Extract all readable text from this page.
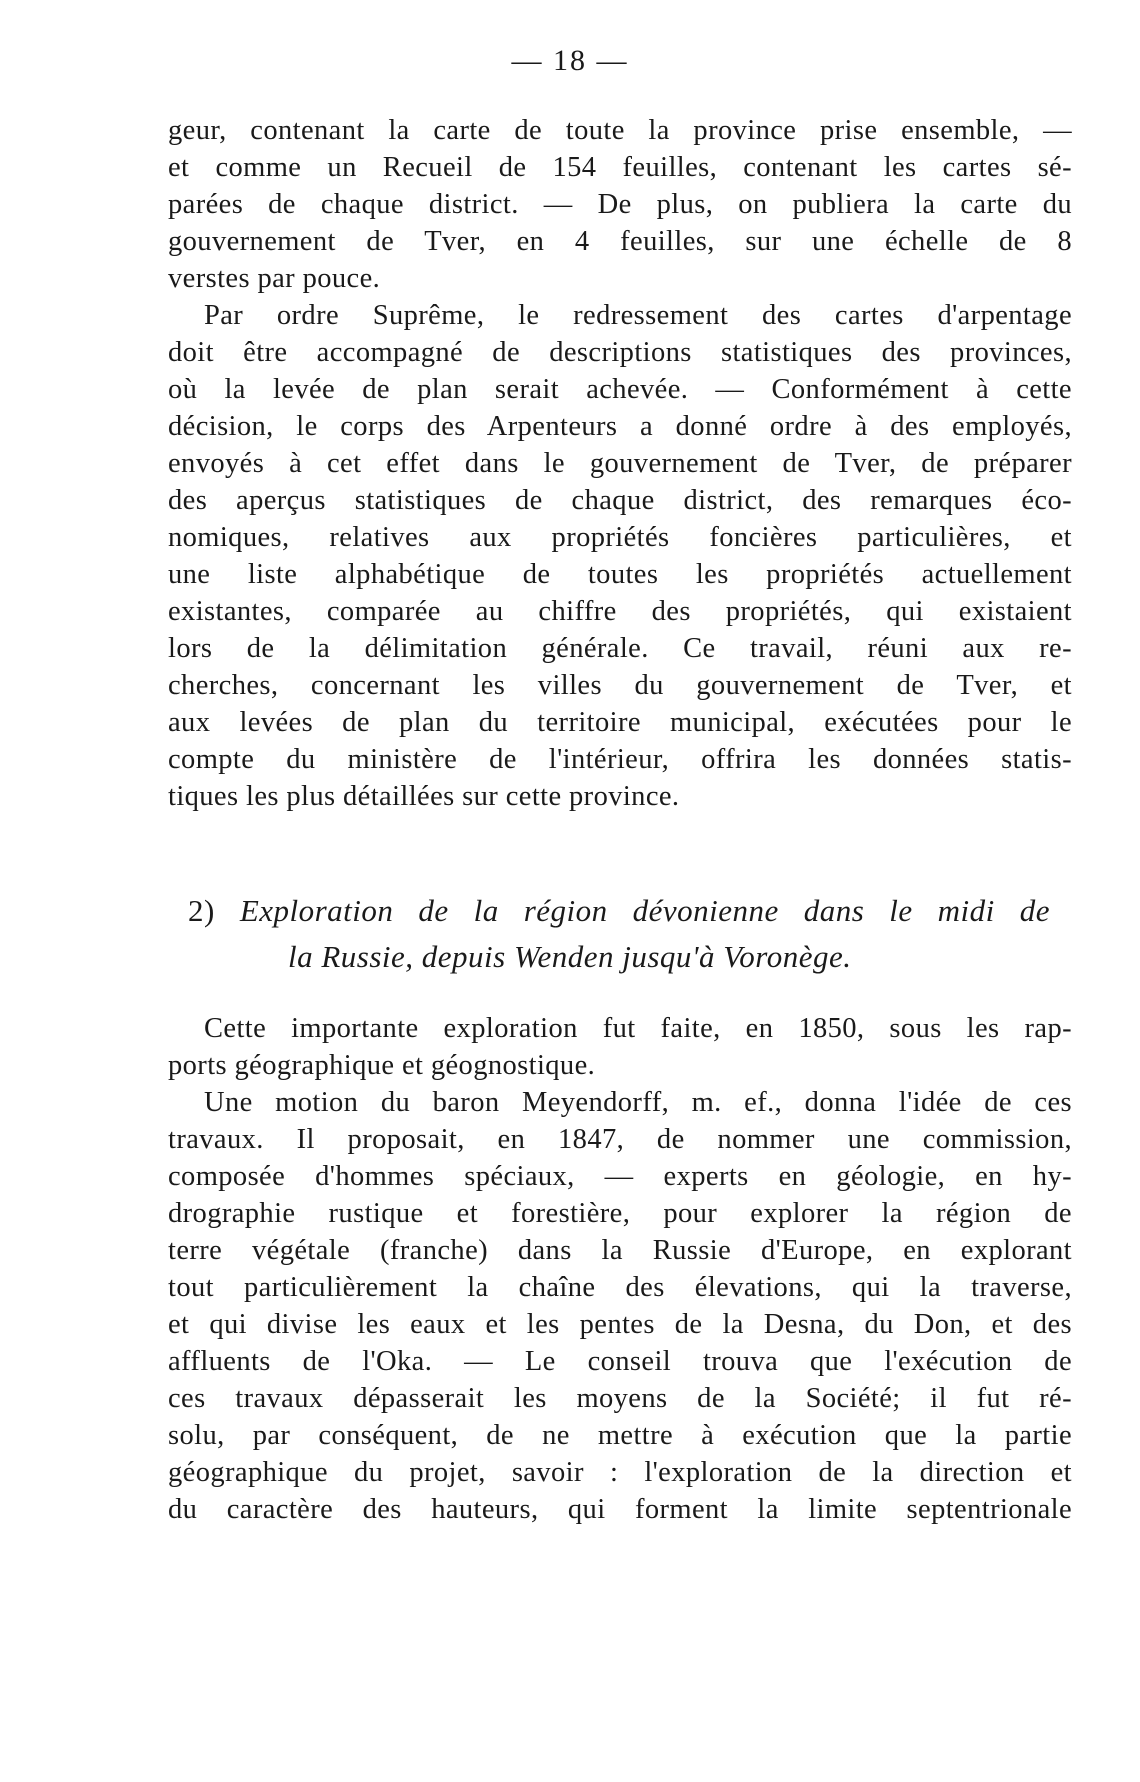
— 18 —
geur, contenant la carte de toute la province prise ensemble, —
et comme un Recueil de 154 feuilles, contenant les cartes sé-
parées de chaque district. — De plus, on publiera la carte du
gouvernement de Tver, en 4 feuilles, sur une échelle de 8
verstes par pouce.
Par ordre Suprême, le redressement des cartes d'arpentage
doit être accompagné de descriptions statistiques des provinces,
où la levée de plan serait achevée. — Conformément à cette
décision, le corps des Arpenteurs a donné ordre à des employés,
envoyés à cet effet dans le gouvernement de Tver, de préparer
des aperçus statistiques de chaque district, des remarques éco-
nomiques, relatives aux propriétés foncières particulières, et
une liste alphabétique de toutes les propriétés actuellement
existantes, comparée au chiffre des propriétés, qui existaient
lors de la délimitation générale. Ce travail, réuni aux re-
cherches, concernant les villes du gouvernement de Tver, et
aux levées de plan du territoire municipal, exécutées pour le
compte du ministère de l'intérieur, offrira les données statis-
tiques les plus détaillées sur cette province.
2) Exploration de la région dévonienne dans le midi de
la Russie, depuis Wenden jusqu'à Voronège.
Cette importante exploration fut faite, en 1850, sous les rap-
ports géographique et géognostique.
Une motion du baron Meyendorff, m. ef., donna l'idée de ces
travaux. Il proposait, en 1847, de nommer une commission,
composée d'hommes spéciaux, — experts en géologie, en hy-
drographie rustique et forestière, pour explorer la région de
terre végétale (franche) dans la Russie d'Europe, en explorant
tout particulièrement la chaîne des élevations, qui la traverse,
et qui divise les eaux et les pentes de la Desna, du Don, et des
affluents de l'Oka. — Le conseil trouva que l'exécution de
ces travaux dépasserait les moyens de la Société; il fut ré-
solu, par conséquent, de ne mettre à exécution que la partie
géographique du projet, savoir : l'exploration de la direction et
du caractère des hauteurs, qui forment la limite septentrionale
